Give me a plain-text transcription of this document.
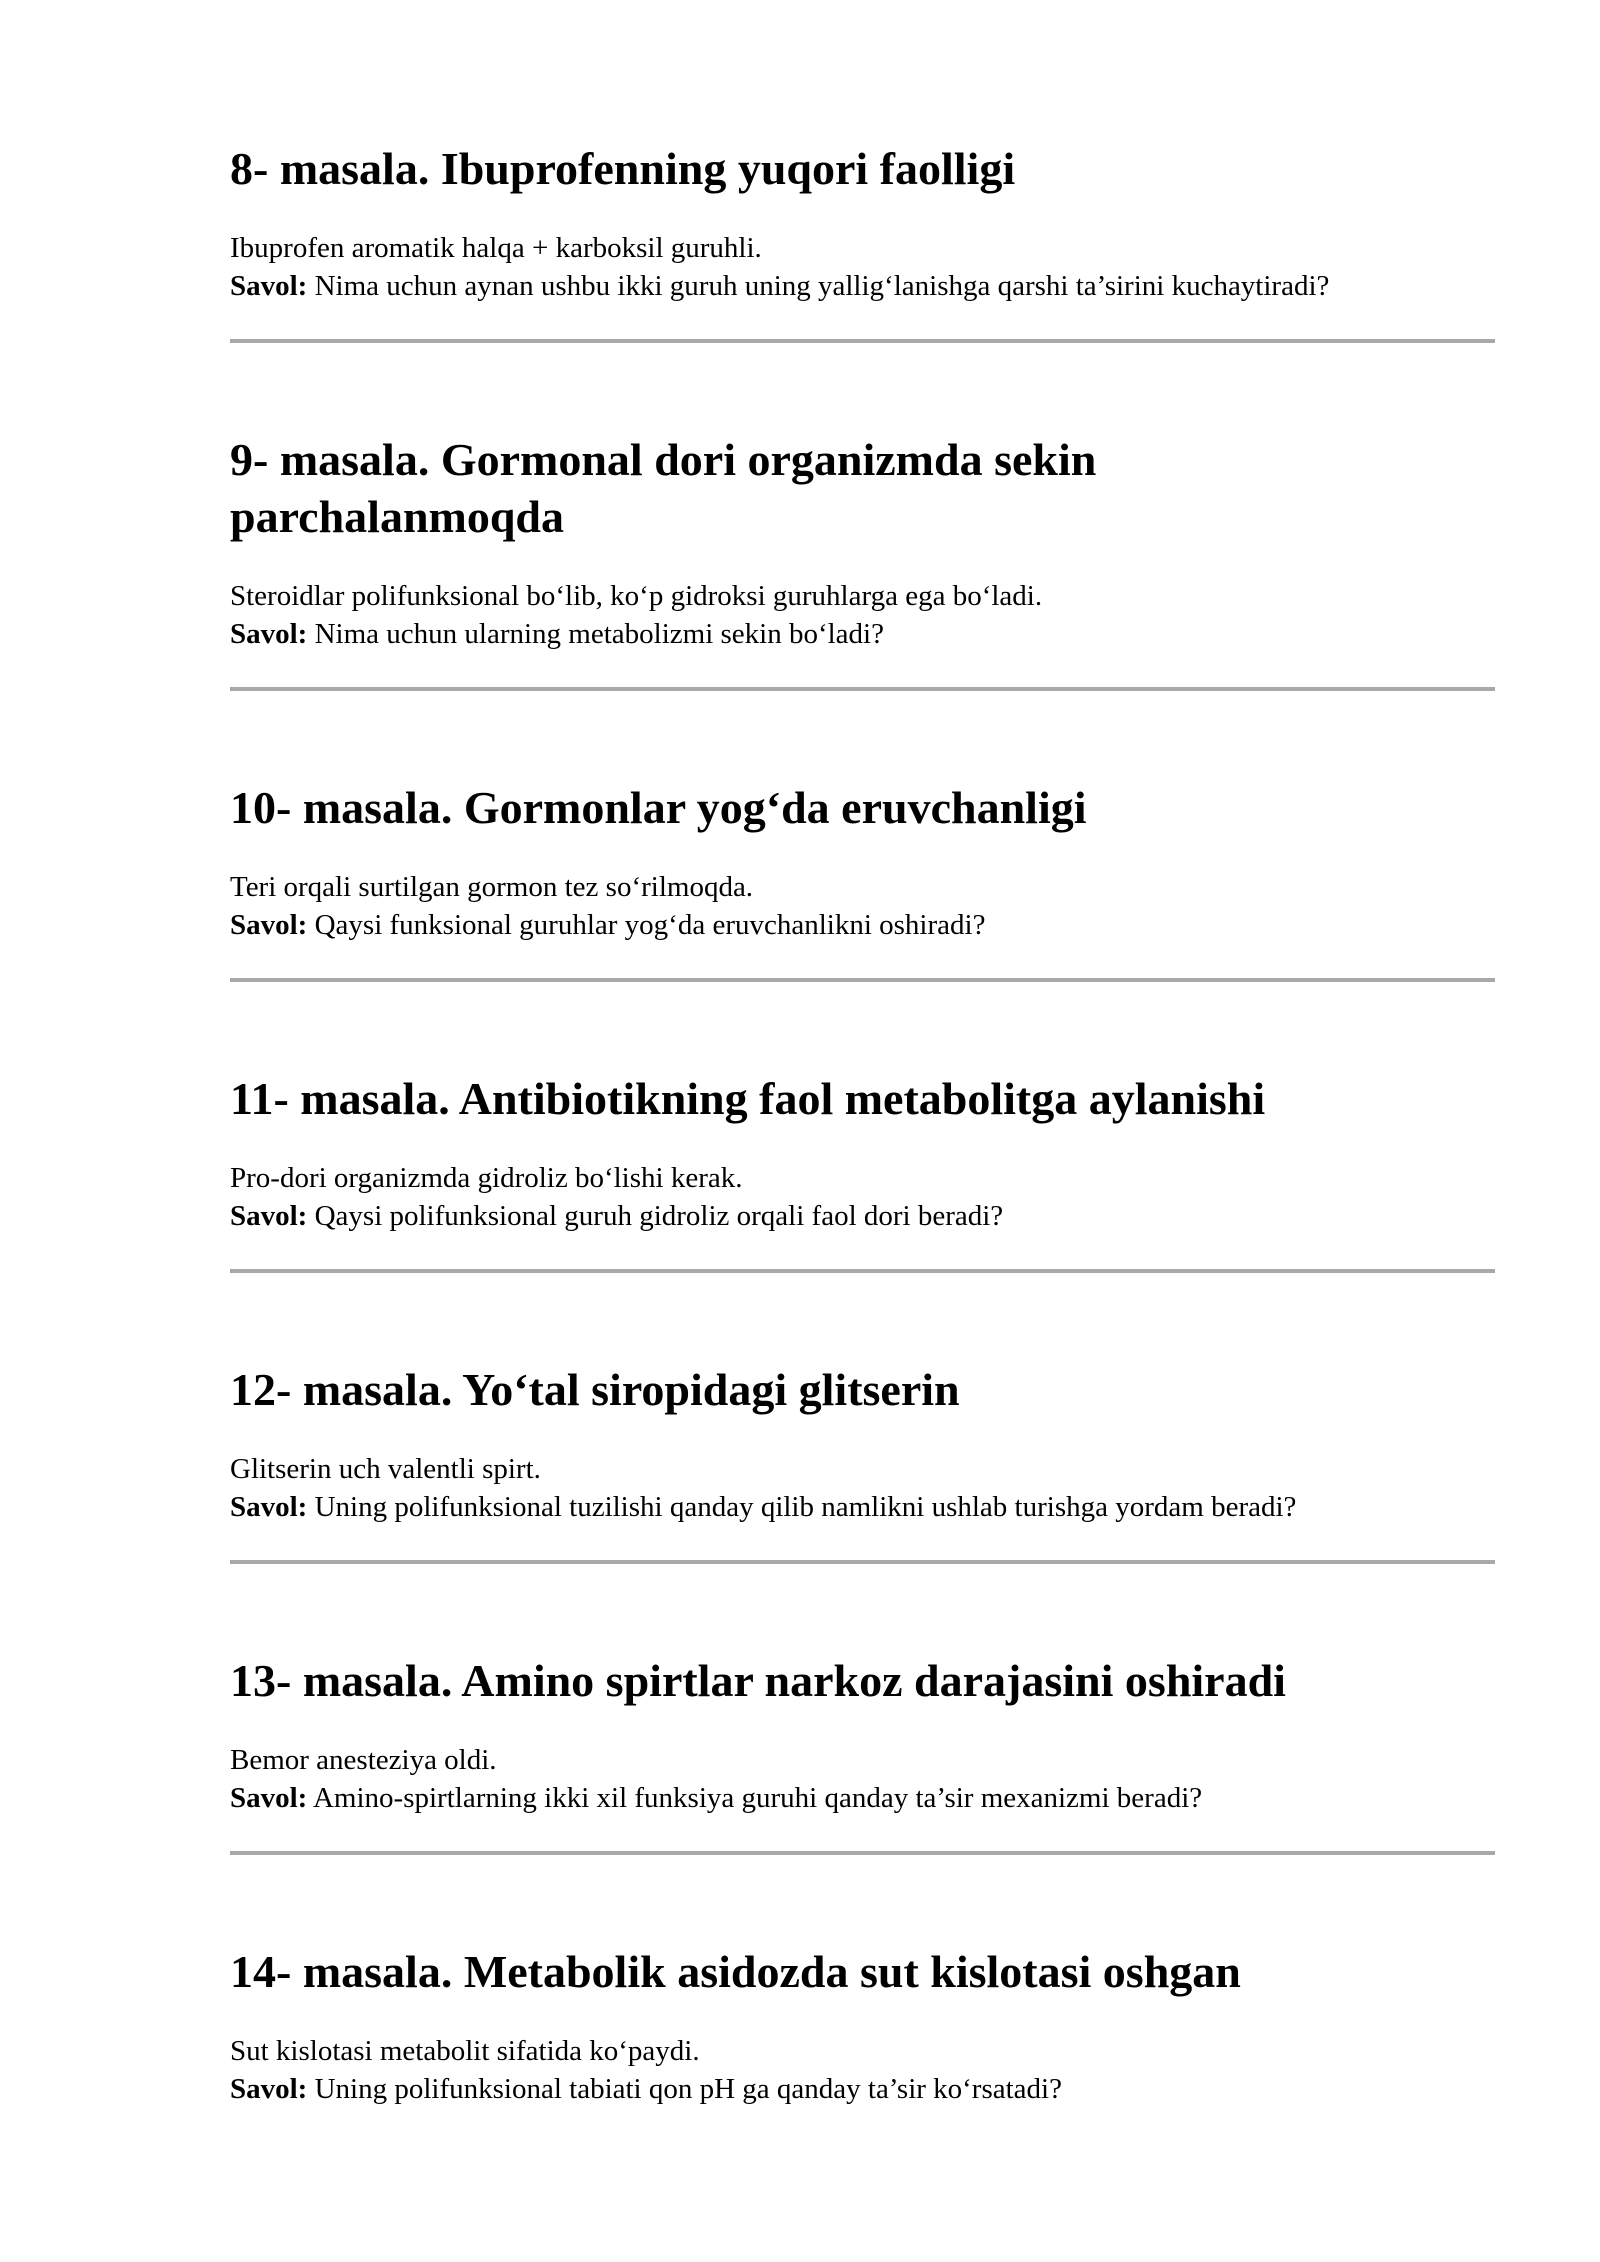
8- masala. Ibuprofenning yuqori faolligi

Ibuprofen aromatik halqa + karboksil guruhli.
Savol: Nima uchun aynan ushbu ikki guruh uning yallig‘lanishga qarshi ta’sirini kuchaytiradi?

9- masala. Gormonal dori organizmda sekin parchalanmoqda

Steroidlar polifunksional bo‘lib, ko‘p gidroksi guruhlarga ega bo‘ladi.
Savol: Nima uchun ularning metabolizmi sekin bo‘ladi?

10- masala. Gormonlar yog‘da eruvchanligi

Teri orqali surtilgan gormon tez so‘rilmoqda.
Savol: Qaysi funksional guruhlar yog‘da eruvchanlikni oshiradi?

11- masala. Antibiotikning faol metabolitga aylanishi

Pro-dori organizmda gidroliz bo‘lishi kerak.
Savol: Qaysi polifunksional guruh gidroliz orqali faol dori beradi?

12- masala. Yo‘tal siropidagi glitserin

Glitserin uch valentli spirt.
Savol: Uning polifunksional tuzilishi qanday qilib namlikni ushlab turishga yordam beradi?

13- masala. Amino spirtlar narkoz darajasini oshiradi

Bemor anesteziya oldi.
Savol: Amino-spirtlarning ikki xil funksiya guruhi qanday ta’sir mexanizmi beradi?

14- masala. Metabolik asidozda sut kislotasi oshgan

Sut kislotasi metabolit sifatida ko‘paydi.
Savol: Uning polifunksional tabiati qon pH ga qanday ta’sir ko‘rsatadi?
